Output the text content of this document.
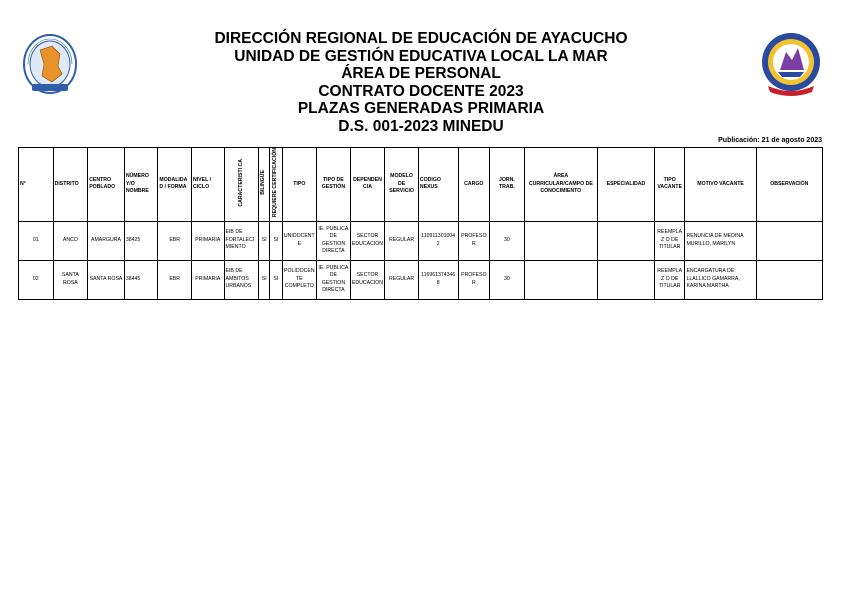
DIRECCIÓN REGIONAL DE EDUCACIÓN DE AYACUCHO
UNIDAD DE GESTIÓN EDUCATIVA LOCAL LA MAR
ÁREA DE PERSONAL
CONTRATO DOCENTE 2023
PLAZAS GENERADAS PRIMARIA
D.S. 001-2023 MINEDU
Publicación: 21 de agosto 2023
N°	DISTRITO	CENTRO POBLADO	NÚMERO Y/O NOMBRE	MODALIDA D / FORMA	NIVEL / CICLO	CARACTERISTI CA	BILINGÜE	REQUIERE CERTIFICACIÓN	TIPO	TIPO DE GESTIÓN	DEPENDEN CIA	MODELO DE SERVICIO	CODIGO NEXUS	CARGO	JORN. TRAB.	ÁREA CURRICULAR/CAMPO DE CONOCIMIENTO	ESPECIALIDAD	TIPO VACANTE	MOTIVO VACANTE	OBSERVACIÓN
01	ANCO	AMARGURA	38425	EBR	PRIMARIA	EIB DE FORTALECI MIENTO	SI	SI	UNIDOCENT E	IE. PUBLICA DE GESTION DIRECTA	SECTOR EDUCACION	REGULAR	1109113010042	PROFESOR	30			REEMPLAZ O DE TITULAR	RENUNCIA DE MEDINA MURILLO, MARILYN	
02	SANTA ROSA	SANTA ROSA	38445	EBR	PRIMARIA	EIB DE AMBITOS URBANOS	SI	SI	POLIDOCEN TE COMPLETO	IE. PUBLICA DE GESTION DIRECTA	SECTOR EDUCACION	REGULAR	1169613743468	PROFESOR	30			REEMPLAZ O DE TITULAR	ENCARGATURA DE: LLALLICO GAMARRA, KARINA MARTHA	
